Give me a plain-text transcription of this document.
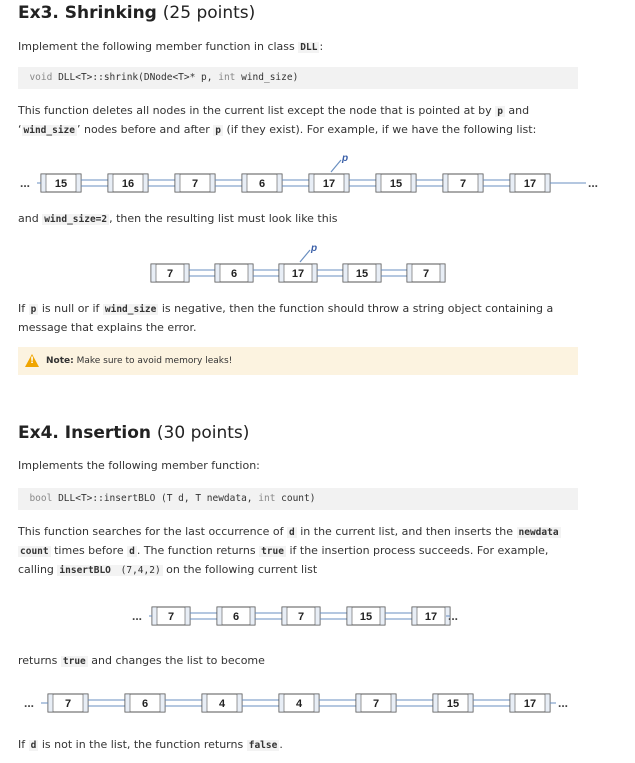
Ex3. Shrinking (25 points)

Implement the following member function in class DLL :

void DLL<T>::shrink(DNode<T>* p, int wind_size)

This function deletes all nodes in the current list except the node that is pointed at by p and
‘ wind_size ’ nodes before and after p (if they exist). For example, if we have the following list:

... 15	16	7	6	17	15	7	17	...
p

and wind_size=2 , then the resulting list must look like this

7	6	17	15	7
p

If p is null or if wind_size is negative, then the function should throw a string object containing a
message that explains the error.

!
Note: Make sure to avoid memory leaks!
Ex4. Insertion (30 points)

Implements the following member function:

bool DLL<T>::insertBLO (T d, T newdata, int count)

This function searches for the last occurrence of d in the current list, and then inserts the newdata
count times before d . The function returns true if the insertion process succeeds. For example,
calling insertBLO (7,4,2) on the following current list

... 7	6	7	15	17 ...

returns true and changes the list to become

...	7	6	4	4	7	15	17 ...

If d is not in the list, the function returns false .
